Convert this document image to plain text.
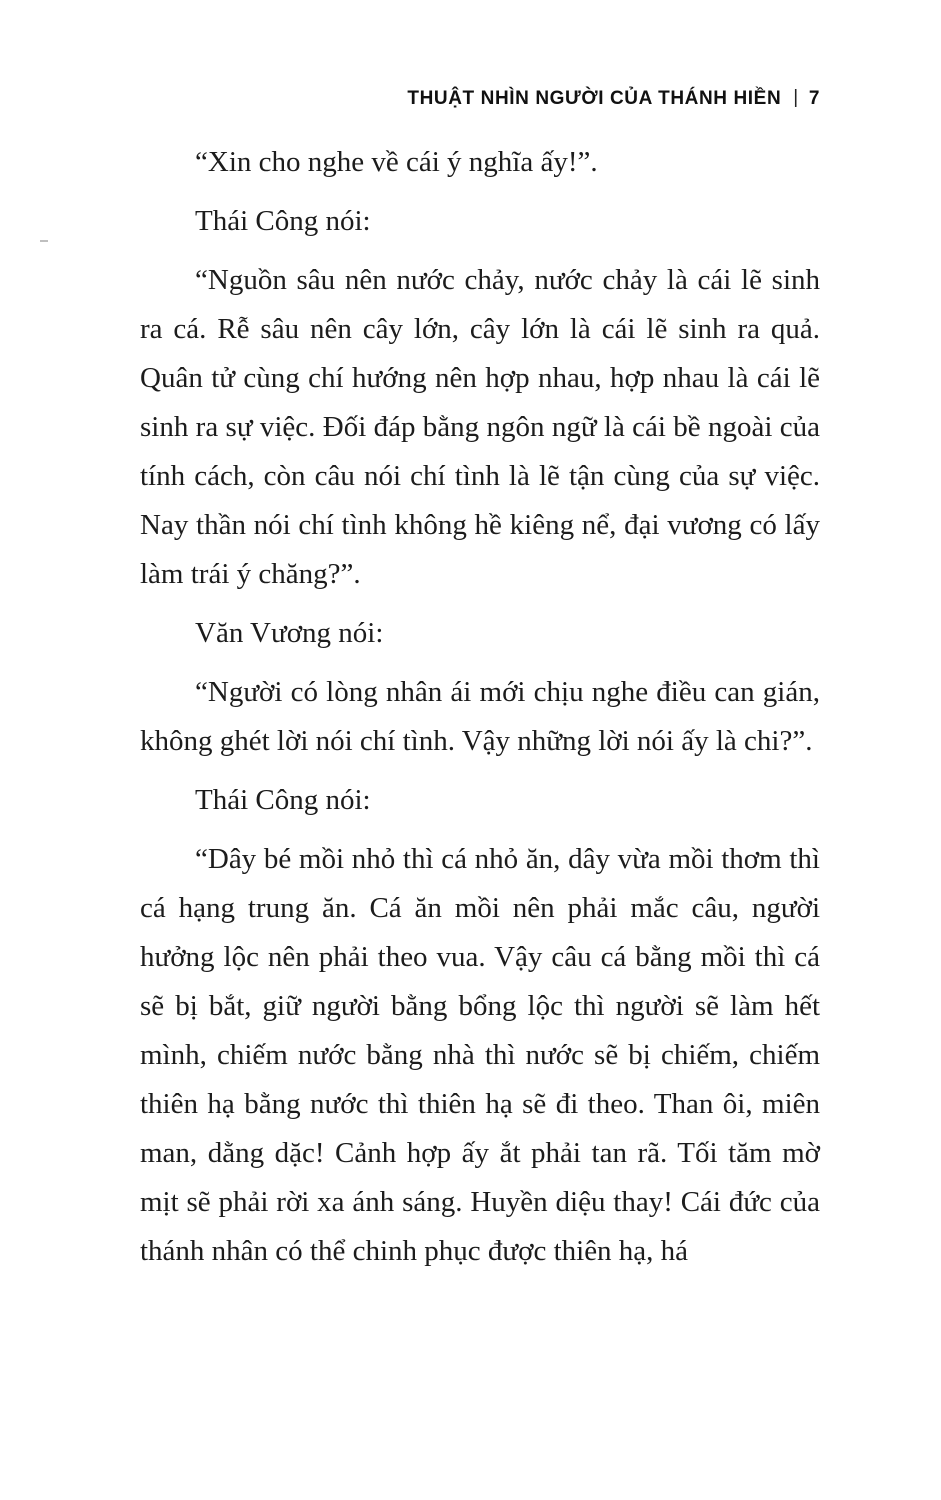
THUẬT NHÌN NGƯỜI CỦA THÁNH HIỀN | 7

“Xin cho nghe về cái ý nghĩa ấy!”.

Thái Công nói:

“Nguồn sâu nên nước chảy, nước chảy là cái lẽ sinh ra cá. Rễ sâu nên cây lớn, cây lớn là cái lẽ sinh ra quả. Quân tử cùng chí hướng nên hợp nhau, hợp nhau là cái lẽ sinh ra sự việc. Đối đáp bằng ngôn ngữ là cái bề ngoài của tính cách, còn câu nói chí tình là lẽ tận cùng của sự việc. Nay thần nói chí tình không hề kiêng nể, đại vương có lấy làm trái ý chăng?”.

Văn Vương nói:

“Người có lòng nhân ái mới chịu nghe điều can gián, không ghét lời nói chí tình. Vậy những lời nói ấy là chi?”.

Thái Công nói:

“Dây bé mồi nhỏ thì cá nhỏ ăn, dây vừa mồi thơm thì cá hạng trung ăn. Cá ăn mồi nên phải mắc câu, người hưởng lộc nên phải theo vua. Vậy câu cá bằng mồi thì cá sẽ bị bắt, giữ người bằng bổng lộc thì người sẽ làm hết mình, chiếm nước bằng nhà thì nước sẽ bị chiếm, chiếm thiên hạ bằng nước thì thiên hạ sẽ đi theo. Than ôi, miên man, dằng dặc! Cảnh hợp ấy ắt phải tan rã. Tối tăm mờ mịt sẽ phải rời xa ánh sáng. Huyền diệu thay! Cái đức của thánh nhân có thể chinh phục được thiên hạ, há
